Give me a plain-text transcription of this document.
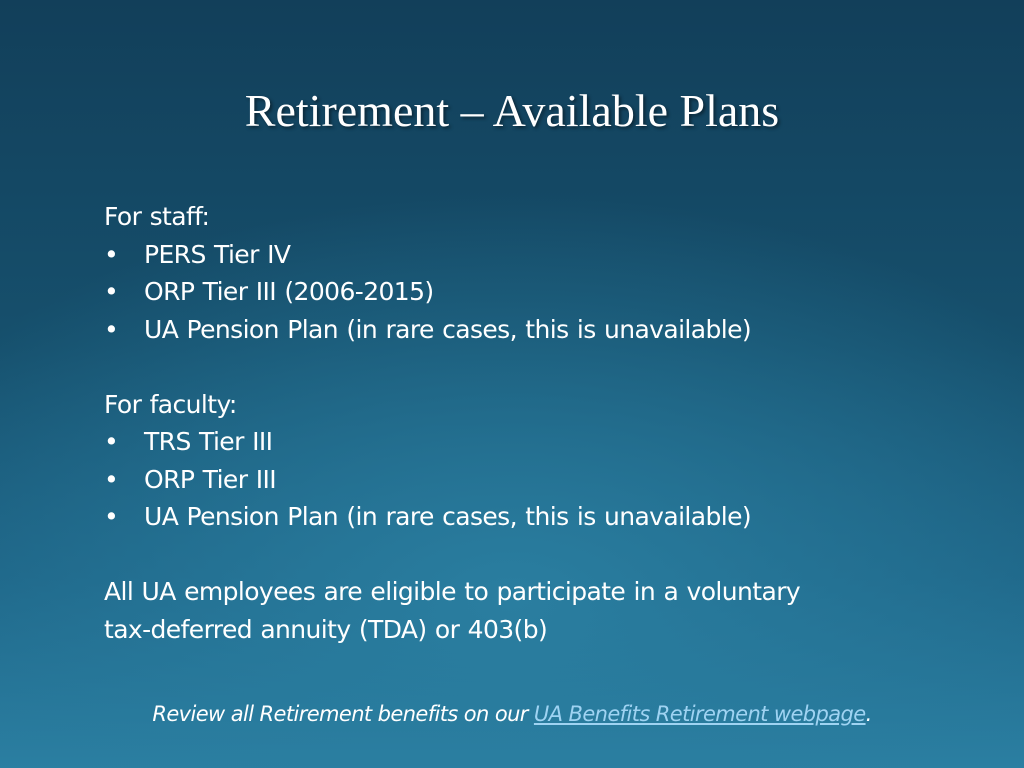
Retirement – Available Plans

For staff:

• PERS Tier IV
• ORP Tier III (2006-2015)
• UA Pension Plan (in rare cases, this is unavailable)

For faculty:

• TRS Tier III
• ORP Tier III
• UA Pension Plan (in rare cases, this is unavailable)

All UA employees are eligible to participate in a voluntary
tax-deferred annuity (TDA) or 403(b)

Review all Retirement benefits on our UA Benefits Retirement webpage.
